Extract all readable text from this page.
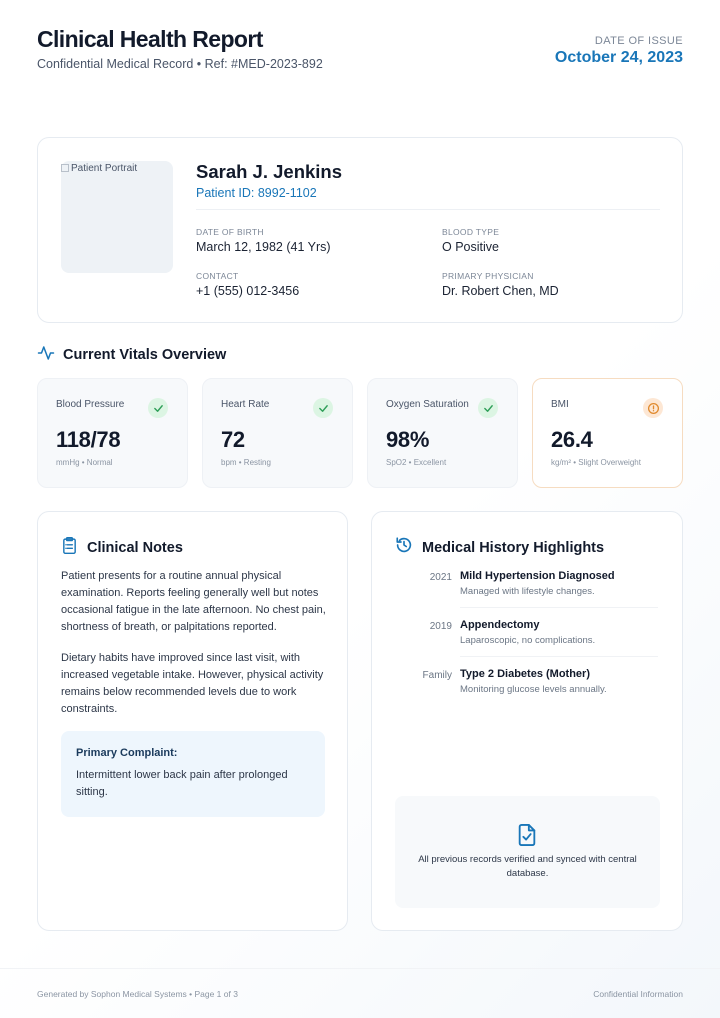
Clinical Health Report
Confidential Medical Record • Ref: #MED-2023-892
DATE OF ISSUE
October 24, 2023
Patient Portrait	Sarah J. Jenkins
Patient ID: 8992-1102
DATE OF BIRTH
March 12, 1982 (41 Yrs)
BLOOD TYPE
O Positive
CONTACT
+1 (555) 012-3456
PRIMARY PHYSICIAN
Dr. Robert Chen, MD
Current Vitals Overview
Blood Pressure
118/78
mmHg • Normal
Heart Rate
72
bpm • Resting
Oxygen Saturation
98%
SpO2 • Excellent
BMI
26.4
kg/m² • Slight Overweight
Clinical Notes
Patient presents for a routine annual physical examination. Reports feeling generally well but notes occasional fatigue in the late afternoon. No chest pain, shortness of breath, or palpitations reported.
Dietary habits have improved since last visit, with increased vegetable intake. However, physical activity remains below recommended levels due to work constraints.
Primary Complaint:
Intermittent lower back pain after prolonged sitting.
Medical History Highlights
2021 Mild Hypertension Diagnosed
Managed with lifestyle changes.
2019 Appendectomy
Laparoscopic, no complications.
Family Type 2 Diabetes (Mother)
Monitoring glucose levels annually.
All previous records verified and synced with central database.
Generated by Sophon Medical Systems • Page 1 of 3	Confidential Information
